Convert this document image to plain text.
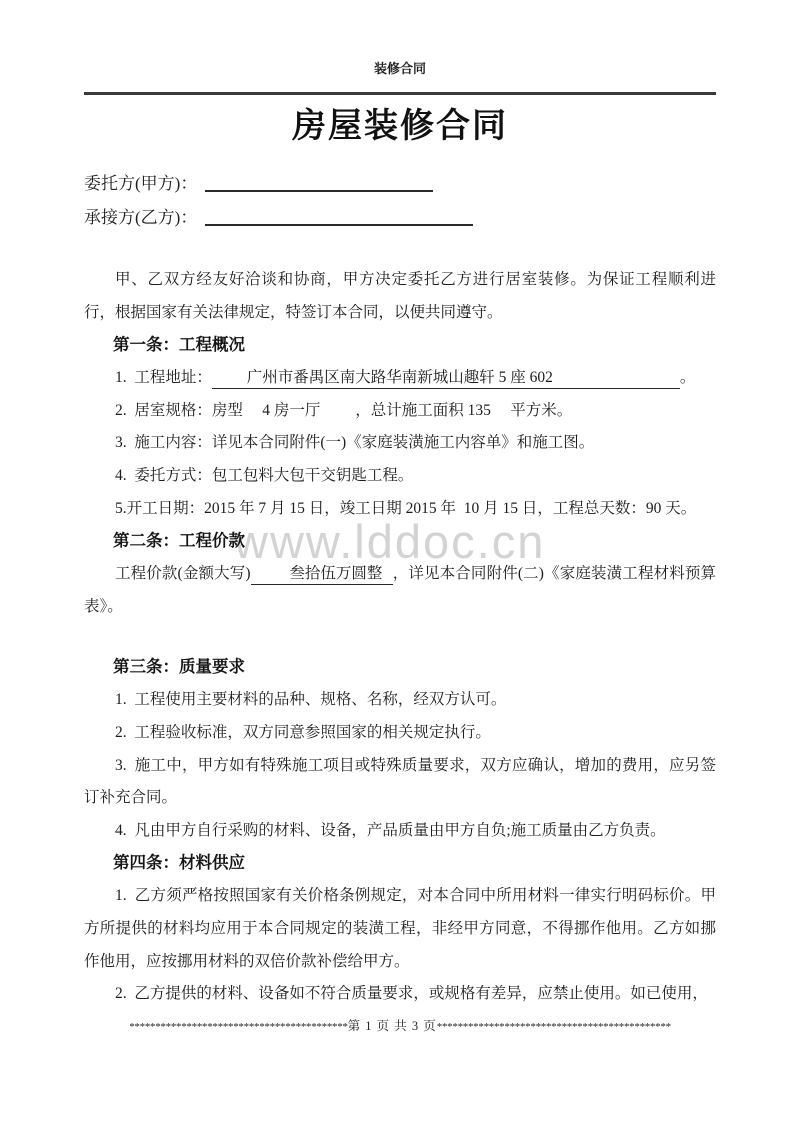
www.lddoc.cn
装修合同
房屋装修合同

委托方(甲方)：

承接方(乙方)：

甲、乙双方经友好洽谈和协商，甲方决定委托乙方进行居室装修。为保证工程顺利进行，根据国家有关法律规定，特签订本合同，以便共同遵守。

第一条：工程概况

1.  工程地址： 广州市番禺区南大路华南新城山趣轩 5 座 602	。

2.  居室规格：房型　 4 房一厅　　 ，总计施工面积 135　 平方米。

3.  施工内容：详见本合同附件(一)《家庭装潢施工内容单》和施工图。

4.  委托方式：包工包料大包干交钥匙工程。

5.开工日期：2015 年 7 月 15 日，竣工日期 2015 年  10 月 15 日，工程总天数：90 天。

第二条：工程价款

工程价款(金额大写)  叁拾伍万圆整 ，详见本合同附件(二)《家庭装潢工程材料预算表》。

第三条：质量要求

1.  工程使用主要材料的品种、规格、名称，经双方认可。

2.  工程验收标准，双方同意参照国家的相关规定执行。

3.  施工中，甲方如有特殊施工项目或特殊质量要求，双方应确认，增加的费用，应另签订补充合同。

4.  凡由甲方自行采购的材料、设备，产品质量由甲方自负;施工质量由乙方负责。

第四条：材料供应

1.  乙方须严格按照国家有关价格条例规定，对本合同中所用材料一律实行明码标价。甲方所提供的材料均应用于本合同规定的装潢工程，非经甲方同意，不得挪作他用。乙方如挪作他用，应按挪用材料的双倍价款补偿给甲方。

2.  乙方提供的材料、设备如不符合质量要求，或规格有差异，应禁止使用。如已使用，

******************************************第 1 页 共 3 页*********************************************
